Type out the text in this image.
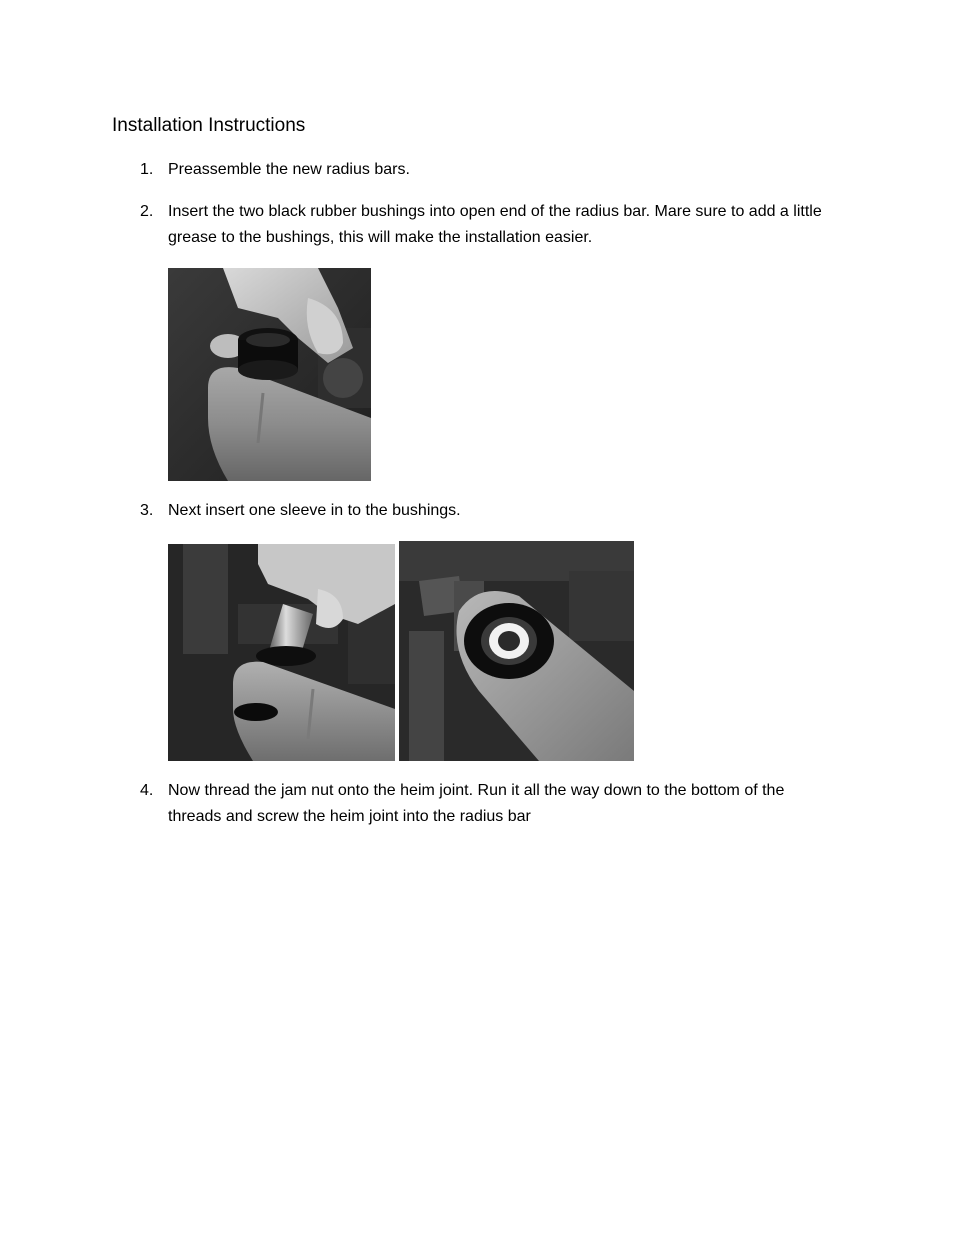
Installation Instructions
1. Preassemble the new radius bars.
2. Insert the two black rubber bushings into open end of the radius bar. Mare sure to add a little grease to the bushings, this will make the installation easier.
3. Next insert one sleeve in to the bushings.
4. Now thread the jam nut onto the heim joint. Run it all the way down to the bottom of the threads and screw the heim joint into the radius bar
